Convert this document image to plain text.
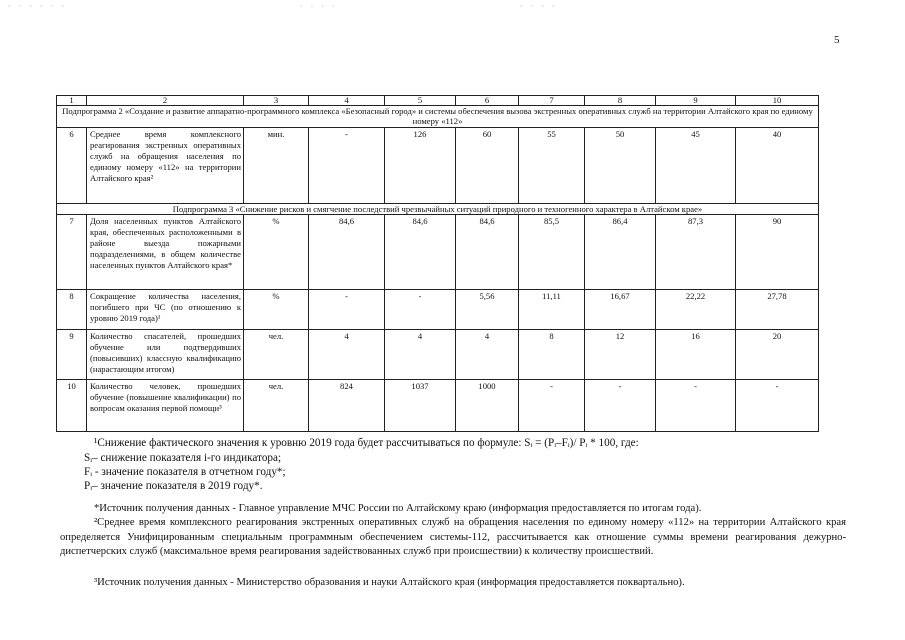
· · · · · ·	· · · ·	· · · ·
5
1	2	3	4	5	6	7	8	9	10
Подпрограмма 2 «Создание и развитие аппаратно-программного комплекса «Безопасный город» и системы обеспечения вызова экстренных оперативных служб на территории Алтайского края по единому номеру «112»									
6	Среднее время комплексного реагирования экстренных оперативных служб на обращения населения по единому номеру «112» на территории Алтайского края²	мин.	-	126	60	55	50	45	40
Подпрограмма 3 «Снижение рисков и смягчение последствий чрезвычайных ситуаций природного и техногенного характера в Алтайском крае»									
7	Доля населенных пунктов Алтайского края, обеспеченных расположенными в районе выезда пожарными подразделениями, в общем количестве населенных пунктов Алтайского края*	%	84,6	84,6	84,6	85,5	86,4	87,3	90
8	Сокращение количества населения, погибшего при ЧС (по отношению к уровню 2019 года)¹	%	-	-	5,56	11,11	16,67	22,22	27,78
9	Количество спасателей, прошедших обучение или подтвердивших (повысивших) классную квалификацию (нарастающим итогом)	чел.	4	4	4	8	12	16	20
10	Количество человек, прошедших обучение (повышение квалификации) по вопросам оказания первой помощи³	чел.	824	1037	1000	-	-	-	-
¹Снижение фактического значения к уровню 2019 года будет рассчитываться по формуле: Sᵢ = (Pᵢ–Fᵢ)/ Pᵢ * 100, где:
Sᵢ– снижение показателя i-го индикатора;
Fᵢ - значение показателя в отчетном году*;
Pᵢ– значение показателя в 2019 году*.
*Источник получения данных - Главное управление МЧС России по Алтайскому краю (информация предоставляется по итогам года).
²Среднее время комплексного реагирования экстренных оперативных служб на обращения населения по единому номеру «112» на территории Алтайского края определяется Унифицированным специальным программным обеспечением системы-112, рассчитывается как отношение суммы времени реагирования дежурно-диспетчерских служб (максимальное время реагирования задействованных служб при происшествии) к количеству происшествий.
³Источник получения данных - Министерство образования и науки Алтайского края (информация предоставляется поквартально).
